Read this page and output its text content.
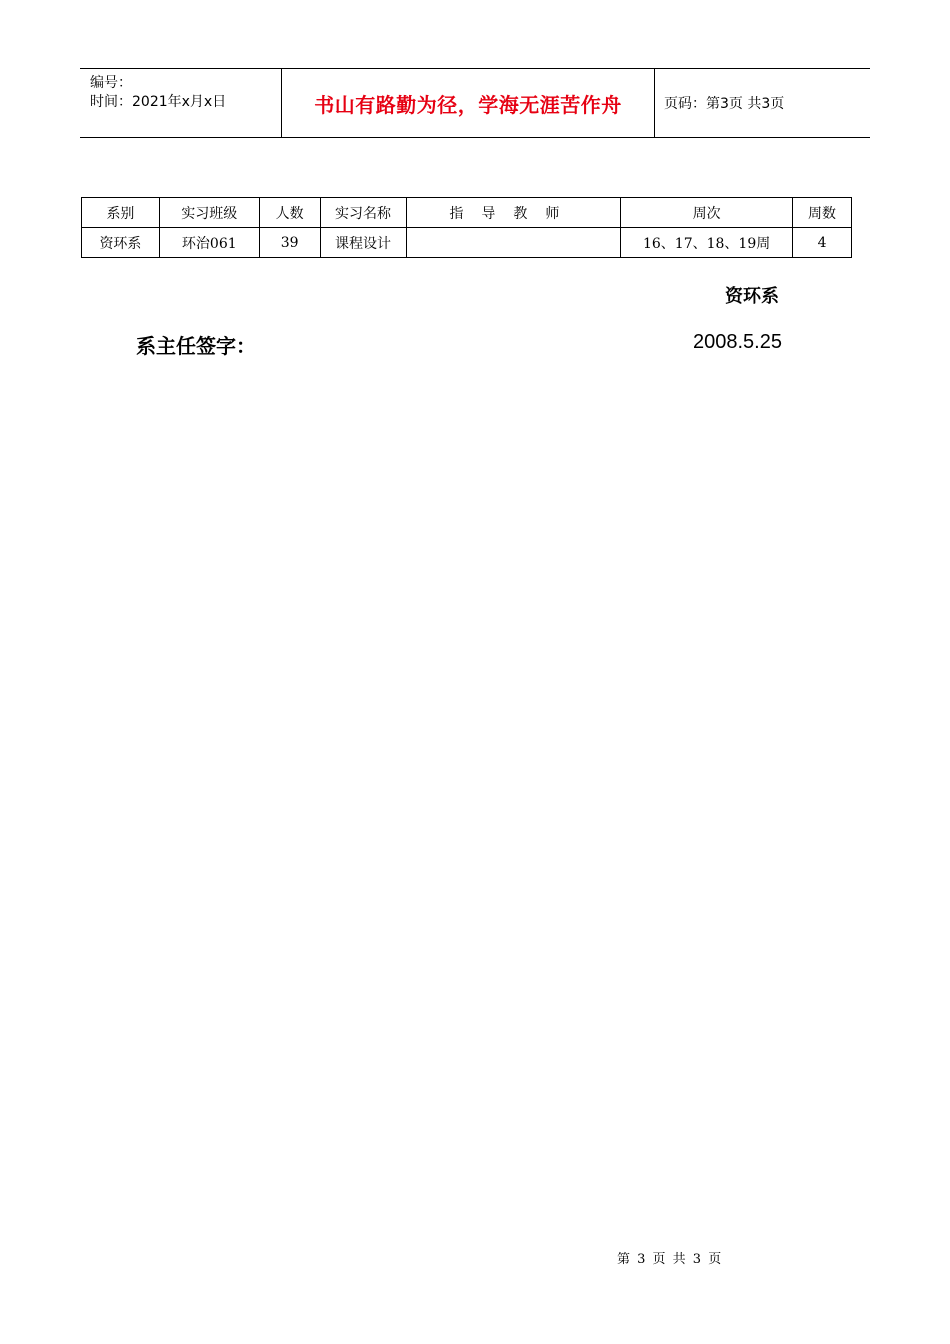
编号：
时间：2021年x月x日	书山有路勤为径，学海无涯苦作舟	页码：第3页 共3页
系别	实习班级	人数	实习名称	指导教师	周次	周数
资环系	环治061	39	课程设计		16、17、18、19周	4
资环系
系主任签字：	2008.5.25
第 3 页 共 3 页
